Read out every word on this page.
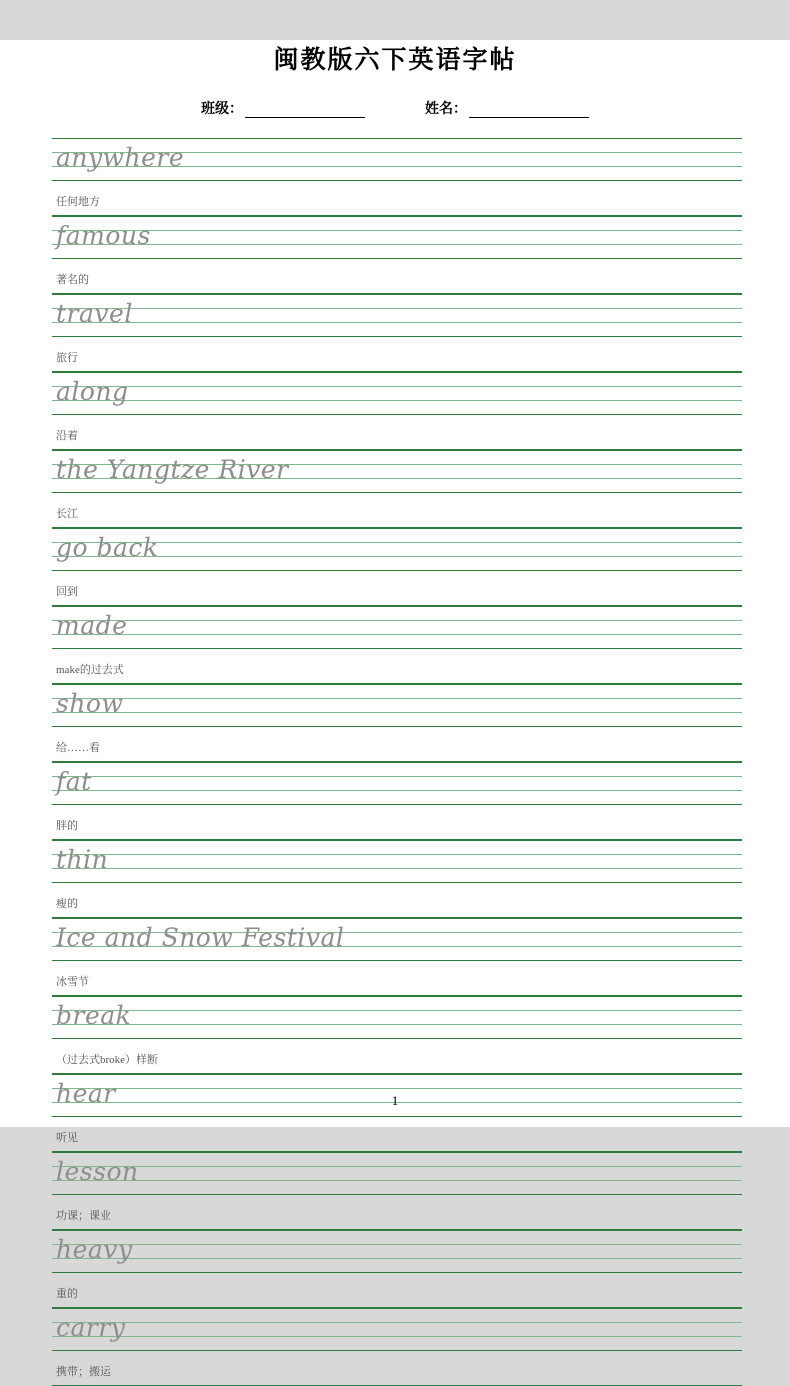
闽教版六下英语字帖
班级：	姓名：
anywhere
任何地方
famous
著名的
travel
旅行
along
沿着
the Yangtze River
长江
go back
回到
made
make的过去式
show
给……看
fat
胖的
thin
瘦的
Ice and Snow Festival
冰雪节
break
（过去式broke）样断
hear
听见
lesson
功课；课业
heavy
重的
carry
携带；搬运
1
